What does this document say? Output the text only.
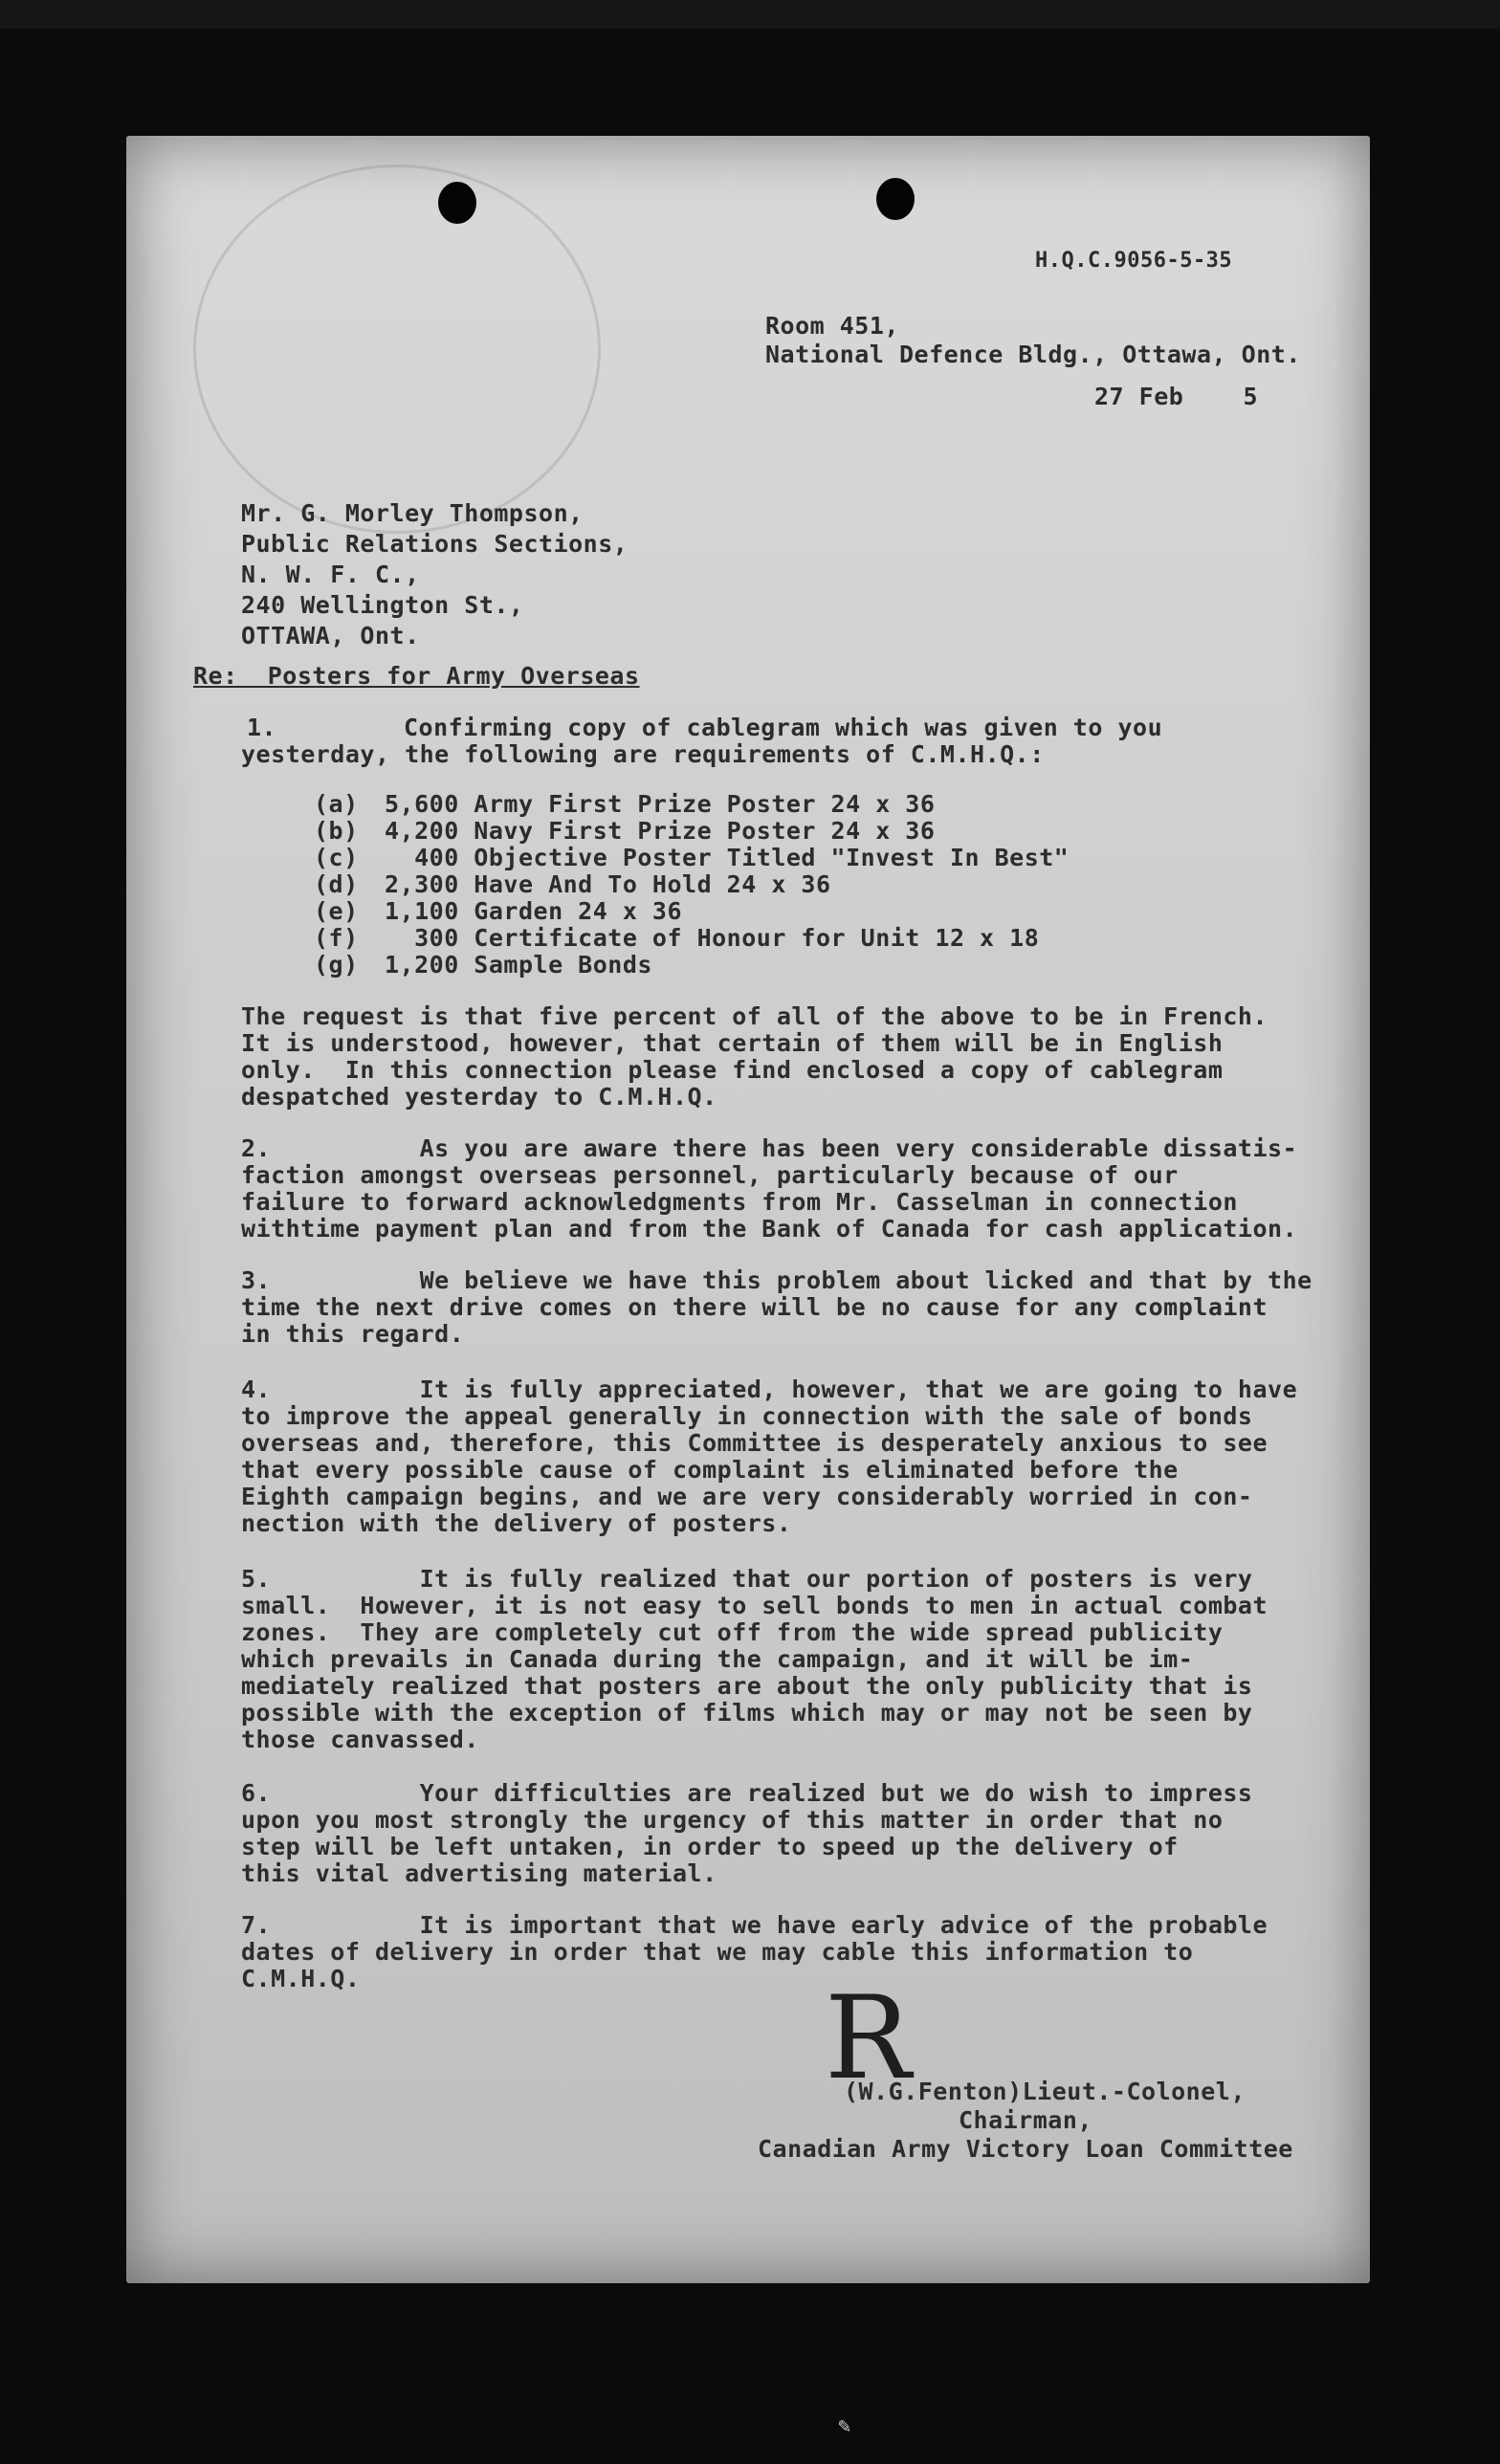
H.Q.C.9056-5-35
Room 451,
National Defence Bldg., Ottawa, Ont.
27 Feb    5
Mr. G. Morley Thompson,
Public Relations Sections,
N. W. F. C.,
240 Wellington St.,
OTTAWA, Ont.
Re:  Posters for Army Overseas
1.	Confirming copy of cablegram which was given to you
yesterday, the following are requirements of C.M.H.Q.:
(a) 5,600 Army First Prize Poster 24 x 36
(b) 4,200 Navy First Prize Poster 24 x 36
(c) 400 Objective Poster Titled "Invest In Best"
(d) 2,300 Have And To Hold 24 x 36
(e) 1,100 Garden 24 x 36
(f) 300 Certificate of Honour for Unit 12 x 18
(g) 1,200 Sample Bonds
The request is that five percent of all of the above to be in French.
It is understood, however, that certain of them will be in English
only.  In this connection please find enclosed a copy of cablegram
despatched yesterday to C.M.H.Q.
2.          As you are aware there has been very considerable dissatis-
faction amongst overseas personnel, particularly because of our
failure to forward acknowledgments from Mr. Casselman in connection
withtime payment plan and from the Bank of Canada for cash application.
3.          We believe we have this problem about licked and that by the
time the next drive comes on there will be no cause for any complaint
in this regard.
4.          It is fully appreciated, however, that we are going to have
to improve the appeal generally in connection with the sale of bonds
overseas and, therefore, this Committee is desperately anxious to see
that every possible cause of complaint is eliminated before the
Eighth campaign begins, and we are very considerably worried in con-
nection with the delivery of posters.
5.          It is fully realized that our portion of posters is very
small.  However, it is not easy to sell bonds to men in actual combat
zones.  They are completely cut off from the wide spread publicity
which prevails in Canada during the campaign, and it will be im-
mediately realized that posters are about the only publicity that is
possible with the exception of films which may or may not be seen by
those canvassed.
6.          Your difficulties are realized but we do wish to impress
upon you most strongly the urgency of this matter in order that no
step will be left untaken, in order to speed up the delivery of
this vital advertising material.
7.          It is important that we have early advice of the probable
dates of delivery in order that we may cable this information to
C.M.H.Q.	R
(W.G.Fenton)Lieut.-Colonel,
Chairman,
Canadian Army Victory Loan Committee
✎
